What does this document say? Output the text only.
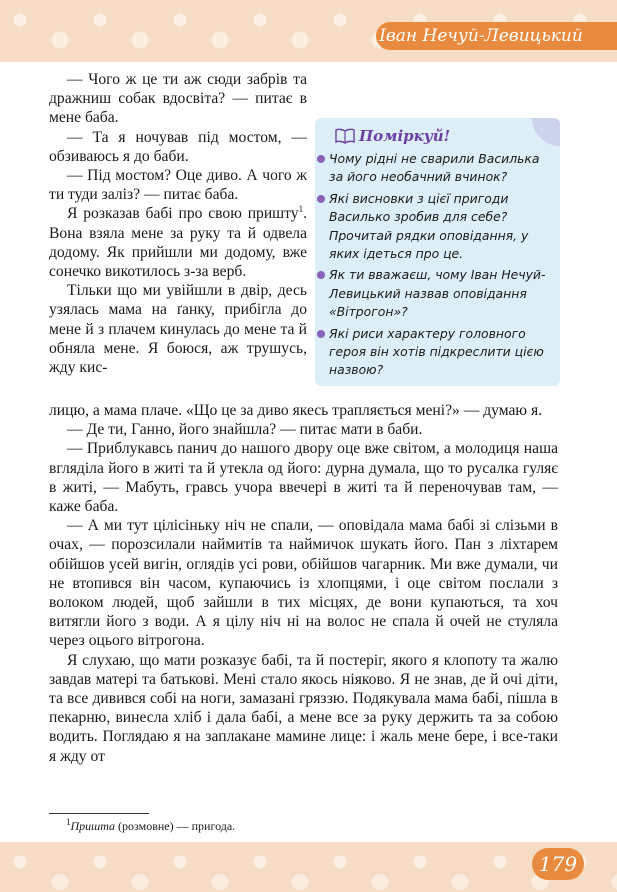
Іван Нечуй-Левицький

— Чого ж це ти аж сюди забрів та дражниш собак вдосвіта? — питає в мене баба.

— Та я ночував під мостом, — обзиваюсь я до баби.

— Під мостом? Оце диво. А чого ж ти туди заліз? — питає баба.

Я розказав бабі про свою пришту$^1$. Вона взяла мене за руку та й одвела додому. Як прийшли ми додому, вже сонечко викотилось з-за верб.

Тільки що ми увійшли в двір, десь узялась мама на ґанку, прибігла до мене й з плачем кинулась до мене та й обняла мене. Я боюся, аж трушусь, жду кис-

лицю, а мама плаче. «Що це за диво якесь трапляється мені?» — думаю я.

— Де ти, Ганно, його знайшла? — питає мати в баби.

— Приблукавсь панич до нашого двору оце вже світом, а молодиця наша вгляділа його в житі та й утекла од його: дурна думала, що то русалка гуляє в житі, — Мабуть, гравсь учора ввечері в житі та й переночував там, — каже баба.

— А ми тут цілісіньку ніч не спали, — оповідала мама бабі зі слізьми в очах, — порозсилали наймитів та наймичок шукать його. Пан з ліхтарем обійшов усей вигін, оглядів усі рови, обійшов чагарник. Ми вже думали, чи не втопився він часом, купаючись із хлопцями, і оце світом послали з волоком людей, щоб зайшли в тих місцях, де вони купаються, та хоч витягли його з води. А я цілу ніч ні на волос не спала й очей не стуляла через оцього вітрогона.

Я слухаю, що мати розказує бабі, та й постеріг, якого я клопоту та жалю завдав матері та батькові. Мені стало якось ніяково. Я не знав, де й очі діти, та все дивився собі на ноги, замазані гряззю. Подякувала мама бабі, пішла в пекарню, винесла хліб і дала бабі, а мене все за руку держить та за собою водить. Поглядаю я на заплакане мамине лице: і жаль мене бере, і все-таки я жду от

Поміркуй!
Чому рідні не сварили Василька за його необачний вчинок?
Які висновки з цієї пригоди Василько зробив для себе? Прочитай рядки оповідання, у яких ідеться про це.
Як ти вважаєш, чому Іван Нечуй-Левицький назвав оповідання «Вітрогон»?
Які риси характеру головного героя він хотів підкреслити цією назвою?
$^1$Пришта (розмовне) — пригода.
179
